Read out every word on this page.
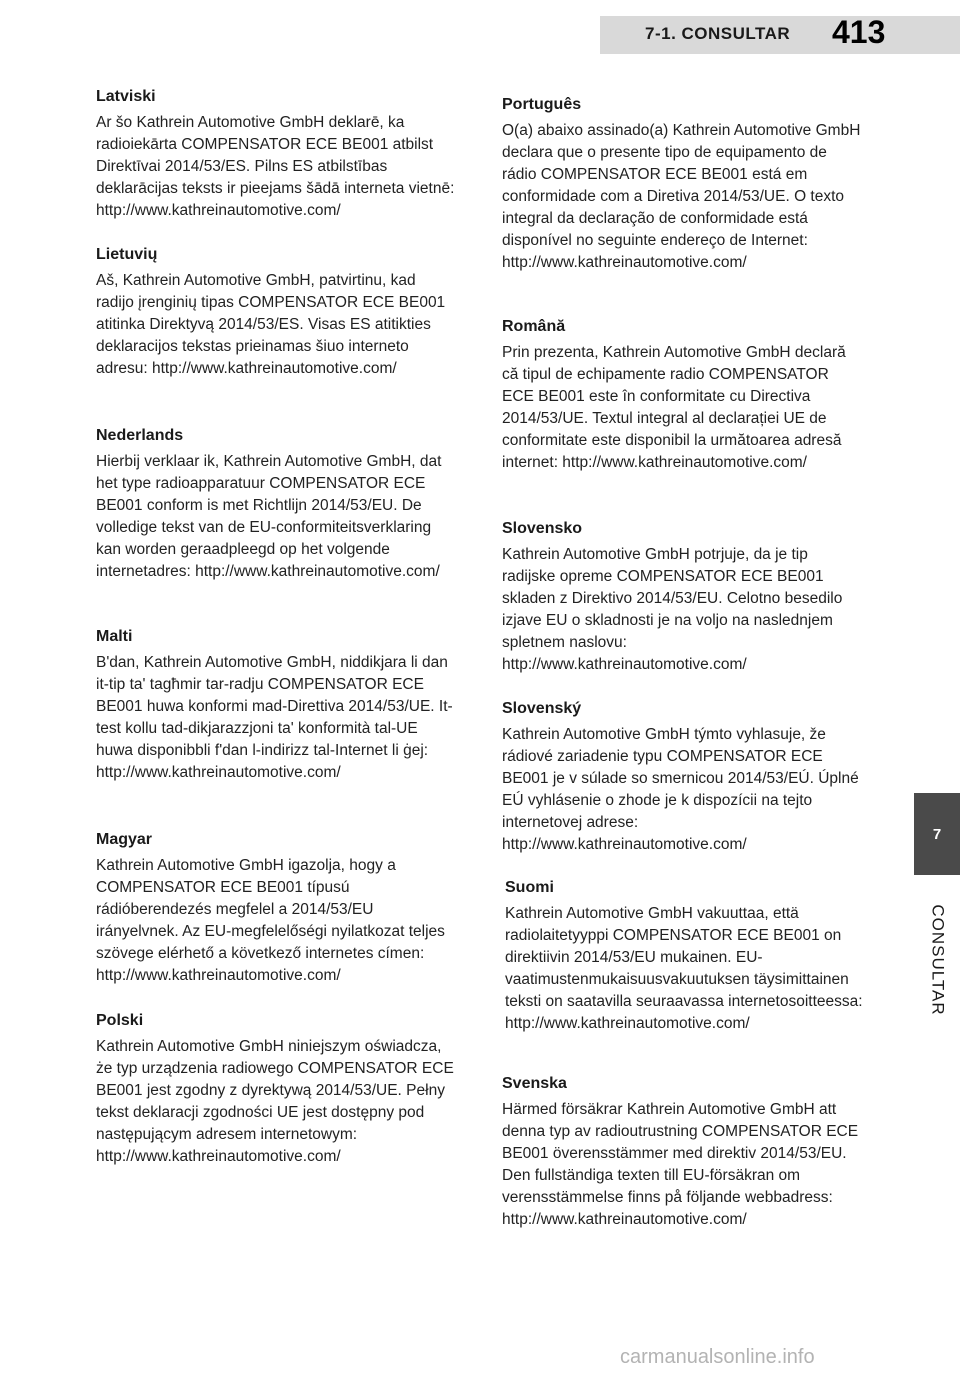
7-1. CONSULTAR 413
7
CONSULTAR
Latviski

Ar šo Kathrein Automotive GmbH deklarē, ka radioiekārta COMPENSATOR ECE BE001 atbilst Direktīvai 2014/53/ES. Pilns ES atbilstības deklarācijas teksts ir pieejams šādā interneta vietnē: http://www.kathreinautomotive.com/

Lietuvių

Aš, Kathrein Automotive GmbH, patvirtinu, kad radijo įrenginių tipas COMPENSATOR ECE BE001 atitinka Direktyvą 2014/53/ES. Visas ES atitikties deklaracijos tekstas prieinamas šiuo interneto adresu: http://www.kathreinautomotive.com/

Nederlands

Hierbij verklaar ik, Kathrein Automotive GmbH, dat het type radioapparatuur COMPENSATOR ECE BE001 conform is met Richtlijn 2014/53/EU. De volledige tekst van de EU-conformiteitsverklaring kan worden geraadpleegd op het volgende internetadres: http://www.kathreinautomotive.com/

Malti

B'dan, Kathrein Automotive GmbH, niddikjara li dan it-tip ta' tagħmir tar-radju COMPENSATOR ECE BE001 huwa konformi mad-Direttiva 2014/53/UE. It-test kollu tad-dikjarazzjoni ta' konformità tal-UE huwa disponibbli f'dan l-indirizz tal-Internet li ġej: http://www.kathreinautomotive.com/

Magyar

Kathrein Automotive GmbH igazolja, hogy a COMPENSATOR ECE BE001 típusú rádióberendezés megfelel a 2014/53/EU irányelvnek. Az EU-megfelelőségi nyilatkozat teljes szövege elérhető a következő internetes címen: http://www.kathreinautomotive.com/

Polski

Kathrein Automotive GmbH niniejszym oświadcza, że typ urządzenia radiowego COMPENSATOR ECE BE001 jest zgodny z dyrektywą 2014/53/UE. Pełny tekst deklaracji zgodności UE jest dostępny pod następującym adresem internetowym: http://www.kathreinautomotive.com/

Português

O(a) abaixo assinado(a) Kathrein Automotive GmbH declara que o presente tipo de equipamento de rádio COMPENSATOR ECE BE001 está em conformidade com a Diretiva 2014/53/UE. O texto integral da declaração de conformidade está disponível no seguinte endereço de Internet: http://www.kathreinautomotive.com/

Română

Prin prezenta, Kathrein Automotive GmbH declară că tipul de echipamente radio COMPENSATOR ECE BE001 este în conformitate cu Directiva 2014/53/UE. Textul integral al declarației UE de conformitate este disponibil la următoarea adresă internet: http://www.kathreinautomotive.com/

Slovensko

Kathrein Automotive GmbH potrjuje, da je tip radijske opreme COMPENSATOR ECE BE001 skladen z Direktivo 2014/53/EU. Celotno besedilo izjave EU o skladnosti je na voljo na naslednjem spletnem naslovu: http://www.kathreinautomotive.com/

Slovenský

Kathrein Automotive GmbH týmto vyhlasuje, že rádiové zariadenie typu COMPENSATOR ECE BE001 je v súlade so smernicou 2014/53/EÚ. Úplné EÚ vyhlásenie o zhode je k dispozícii na tejto internetovej adrese: http://www.kathreinautomotive.com/

Suomi

Kathrein Automotive GmbH vakuuttaa, että radiolaitetyyppi COMPENSATOR ECE BE001 on direktiivin 2014/53/EU mukainen. EU-vaatimustenmukaisuusvakuutuksen täysimittainen teksti on saatavilla seuraavassa internetosoitteessa: http://www.kathreinautomotive.com/

Svenska

Härmed försäkrar Kathrein Automotive GmbH att denna typ av radioutrustning COMPENSATOR ECE BE001 överensstämmer med direktiv 2014/53/EU. Den fullständiga texten till EU-försäkran om verensstämmelse finns på följande webbadress: http://www.kathreinautomotive.com/

carmanualsonline.info
